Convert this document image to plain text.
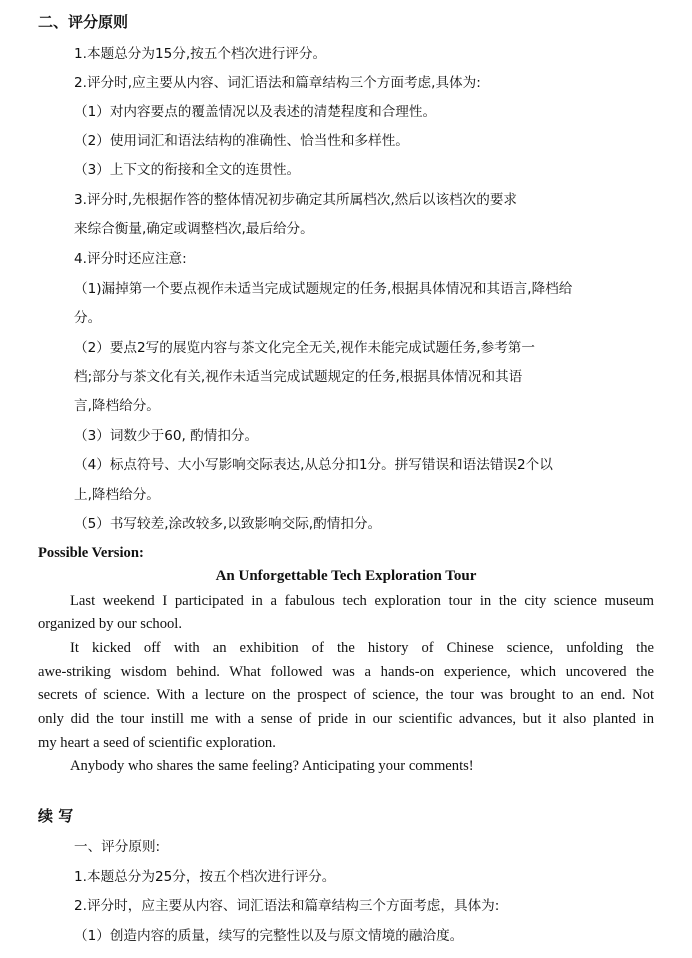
二、评分原则
1.本题总分为15分,按五个档次进行评分。
2.评分时,应主要从内容、词汇语法和篇章结构三个方面考虑,具体为:
（1）对内容要点的覆盖情况以及表述的清楚程度和合理性。
（2）使用词汇和语法结构的准确性、恰当性和多样性。
（3）上下文的衔接和全文的连贯性。
3.评分时,先根据作答的整体情况初步确定其所属档次,然后以该档次的要求
来综合衡量,确定或调整档次,最后给分。
4.评分时还应注意:
（1)漏掉第一个要点视作未适当完成试题规定的任务,根据具体情况和其语言,降档给
分。
（2）要点2写的展览内容与茶文化完全无关,视作未能完成试题任务,参考第一
档;部分与茶文化有关,视作未适当完成试题规定的任务,根据具体情况和其语
言,降档给分。
（3）词数少于60, 酌情扣分。
（4）标点符号、大小写影响交际表达,从总分扣1分。拼写错误和语法错误2个以
上,降档给分。
（5）书写较差,涂改较多,以致影响交际,酌情扣分。
Possible Version:
An Unforgettable Tech Exploration Tour
Last weekend I participated in a fabulous tech exploration tour in the city science museum
organized by our school.
It kicked off with an exhibition of the history of Chinese science, unfolding the
awe-striking wisdom behind. What followed was a hands-on experience, which uncovered the
secrets of science. With a lecture on the prospect of science, the tour was brought to an end. Not
only did the tour instill me with a sense of pride in our scientific advances, but it also planted in
my heart a seed of scientific exploration.
Anybody who shares the same feeling? Anticipating your comments!
续 写
一、评分原则:
1.本题总分为25分，按五个档次进行评分。
2.评分时，应主要从内容、词汇语法和篇章结构三个方面考虑，具体为:
（1）创造内容的质量，续写的完整性以及与原文情境的融洽度。
